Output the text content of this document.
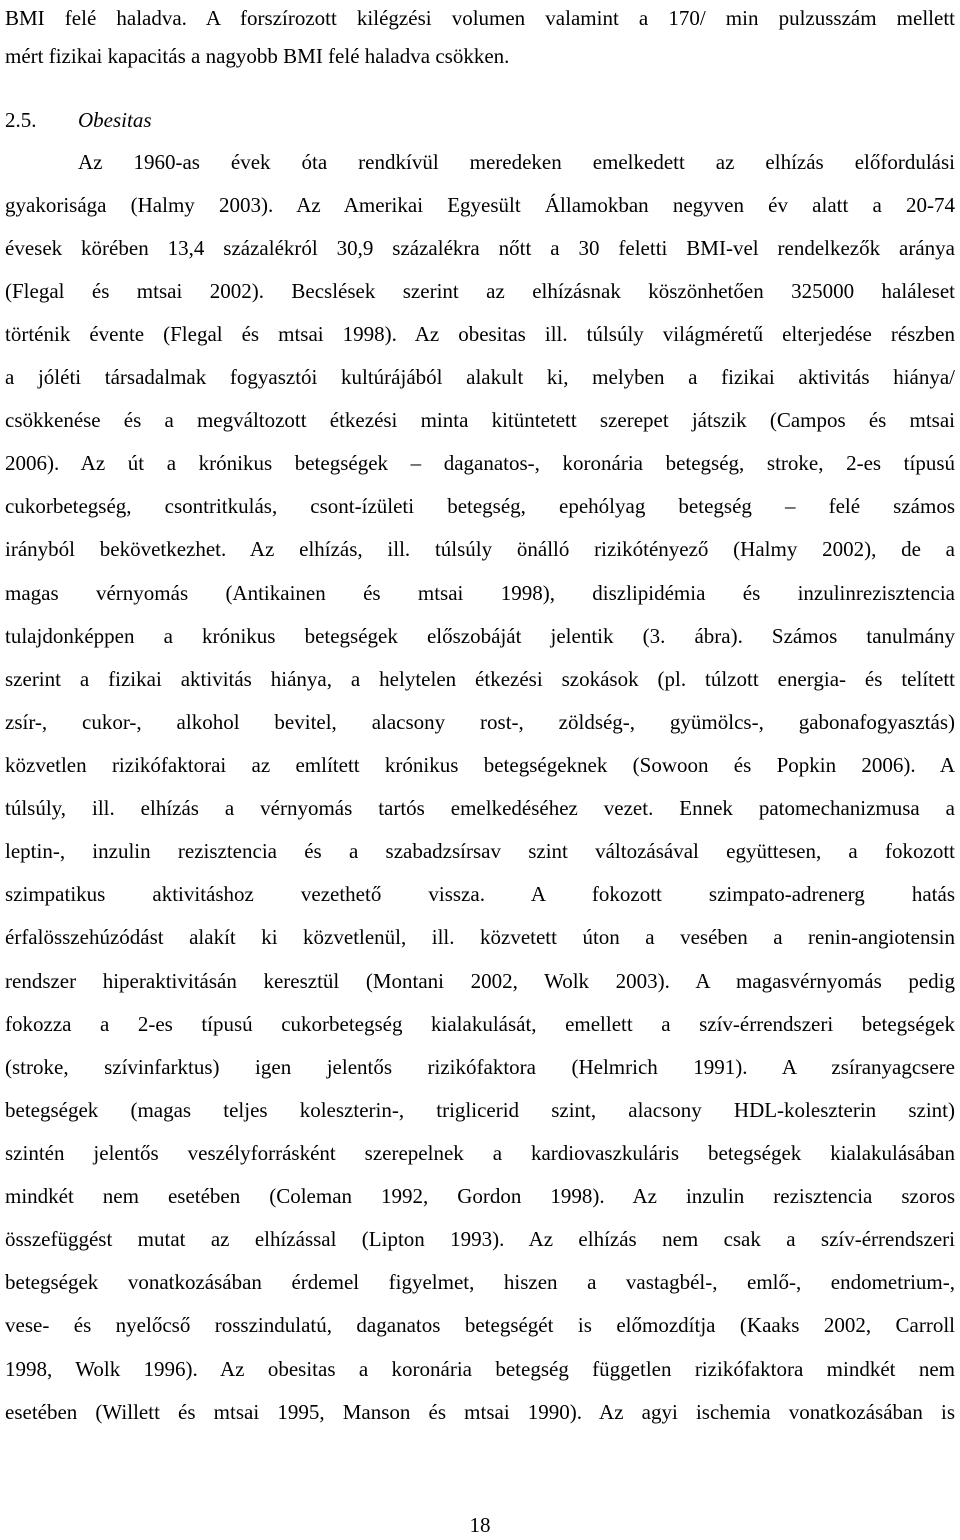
BMI felé haladva. A forszírozott kilégzési volumen valamint a 170/ min pulzusszám mellett
mért fizikai kapacitás a nagyobb BMI felé haladva csökken.
2.5. Obesitas
Az 1960-as évek óta rendkívül meredeken emelkedett az elhízás előfordulási
gyakorisága (Halmy 2003). Az Amerikai Egyesült Államokban negyven év alatt a 20-74
évesek körében 13,4 százalékról 30,9 százalékra nőtt a 30 feletti BMI-vel rendelkezők aránya
(Flegal és mtsai 2002). Becslések szerint az elhízásnak köszönhetően 325000 haláleset
történik évente (Flegal és mtsai 1998). Az obesitas ill. túlsúly világméretű elterjedése részben
a jóléti társadalmak fogyasztói kultúrájából alakult ki, melyben a fizikai aktivitás hiánya/
csökkenése és a megváltozott étkezési minta kitüntetett szerepet játszik (Campos és mtsai
2006). Az út a krónikus betegségek – daganatos-, koronária betegség, stroke, 2-es típusú
cukorbetegség, csontritkulás, csont-ízületi betegség, epehólyag betegség – felé számos
irányból bekövetkezhet. Az elhízás, ill. túlsúly önálló rizikótényező (Halmy 2002), de a
magas vérnyomás (Antikainen és mtsai 1998), diszlipidémia és inzulinrezisztencia
tulajdonképpen a krónikus betegségek előszobáját jelentik (3. ábra). Számos tanulmány
szerint a fizikai aktivitás hiánya, a helytelen étkezési szokások (pl. túlzott energia- és telített
zsír-, cukor-, alkohol bevitel, alacsony rost-, zöldség-, gyümölcs-, gabonafogyasztás)
közvetlen rizikófaktorai az említett krónikus betegségeknek (Sowoon és Popkin 2006). A
túlsúly, ill. elhízás a vérnyomás tartós emelkedéséhez vezet. Ennek patomechanizmusa a
leptin-, inzulin rezisztencia és a szabadzsírsav szint változásával együttesen, a fokozott
szimpatikus aktivitáshoz vezethető vissza. A fokozott szimpato-adrenerg hatás
érfalösszehúzódást alakít ki közvetlenül, ill. közvetett úton a vesében a renin-angiotensin
rendszer hiperaktivitásán keresztül (Montani 2002, Wolk 2003). A magasvérnyomás pedig
fokozza a 2-es típusú cukorbetegség kialakulását, emellett a szív-érrendszeri betegségek
(stroke, szívinfarktus) igen jelentős rizikófaktora (Helmrich 1991). A zsíranyagcsere
betegségek (magas teljes koleszterin-, triglicerid szint, alacsony HDL-koleszterin szint)
szintén jelentős veszélyforrásként szerepelnek a kardiovaszkuláris betegségek kialakulásában
mindkét nem esetében (Coleman 1992, Gordon 1998). Az inzulin rezisztencia szoros
összefüggést mutat az elhízással (Lipton 1993). Az elhízás nem csak a szív-érrendszeri
betegségek vonatkozásában érdemel figyelmet, hiszen a vastagbél-, emlő-, endometrium-,
vese- és nyelőcső rosszindulatú, daganatos betegségét is előmozdítja (Kaaks 2002, Carroll
1998, Wolk 1996). Az obesitas a koronária betegség független rizikófaktora mindkét nem
esetében (Willett és mtsai 1995, Manson és mtsai 1990). Az agyi ischemia vonatkozásában is
18
